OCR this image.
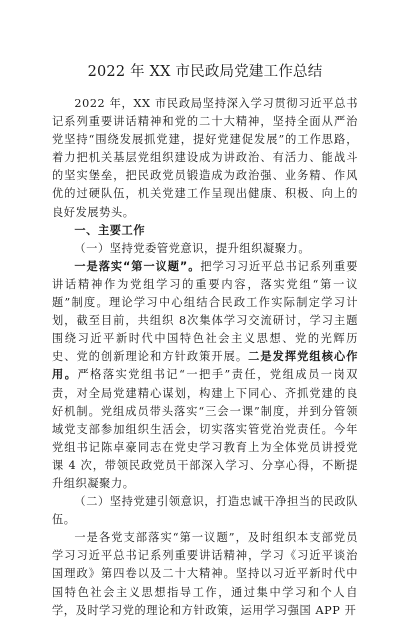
2022 年 XX 市民政局党建工作总结

2022 年，XX 市民政局坚持深入学习贯彻习近平总书记系列重要讲话精神和党的二十大精神，坚持全面从严治党坚持“围绕发展抓党建，提好党建促发展”的工作思路，着力把机关基层党组织建设成为讲政治、有活力、能战斗的坚实堡垒，把民政党员锻造成为政治强、业务精、作风优的过硬队伍，机关党建工作呈现出健康、积极、向上的良好发展势头。

一、主要工作

（一）坚持党委管党意识，提升组织凝聚力。

一是落实“第一议题”。把学习习近平总书记系列重要讲话精神作为党组学习的重要内容，落实党组“第一议题”制度。理论学习中心组结合民政工作实际制定学习计划，截至目前，共组织 8次集体学习交流研讨，学习主题围绕习近平新时代中国特色社会主义思想、党的光辉历史、党的创新理论和方针政策开展。二是发挥党组核心作用。严格落实党组书记“一把手”责任，党组成员一岗双责，对全局党建精心谋划，构建上下同心、齐抓党建的良好机制。党组成员带头落实“三会一课”制度，并到分管领域党支部参加组织生活会，切实落实管党治党责任。今年党组书记陈卓豪同志在党史学习教育上为全体党员讲授党课 4 次，带领民政党员干部深入学习、分享心得，不断提升组织凝聚力。

（二）坚持党建引领意识，打造忠诚干净担当的民政队伍。

一是各党支部落实“第一议题”，及时组织本支部党员学习习近平总书记系列重要讲话精神，学习《习近平谈治国理政》第四卷以及二十大精神。坚持以习近平新时代中国特色社会主义思想指导工作，通过集中学习和个人自学，及时学习党的理论和方针政策，运用学习强国 APP 开
